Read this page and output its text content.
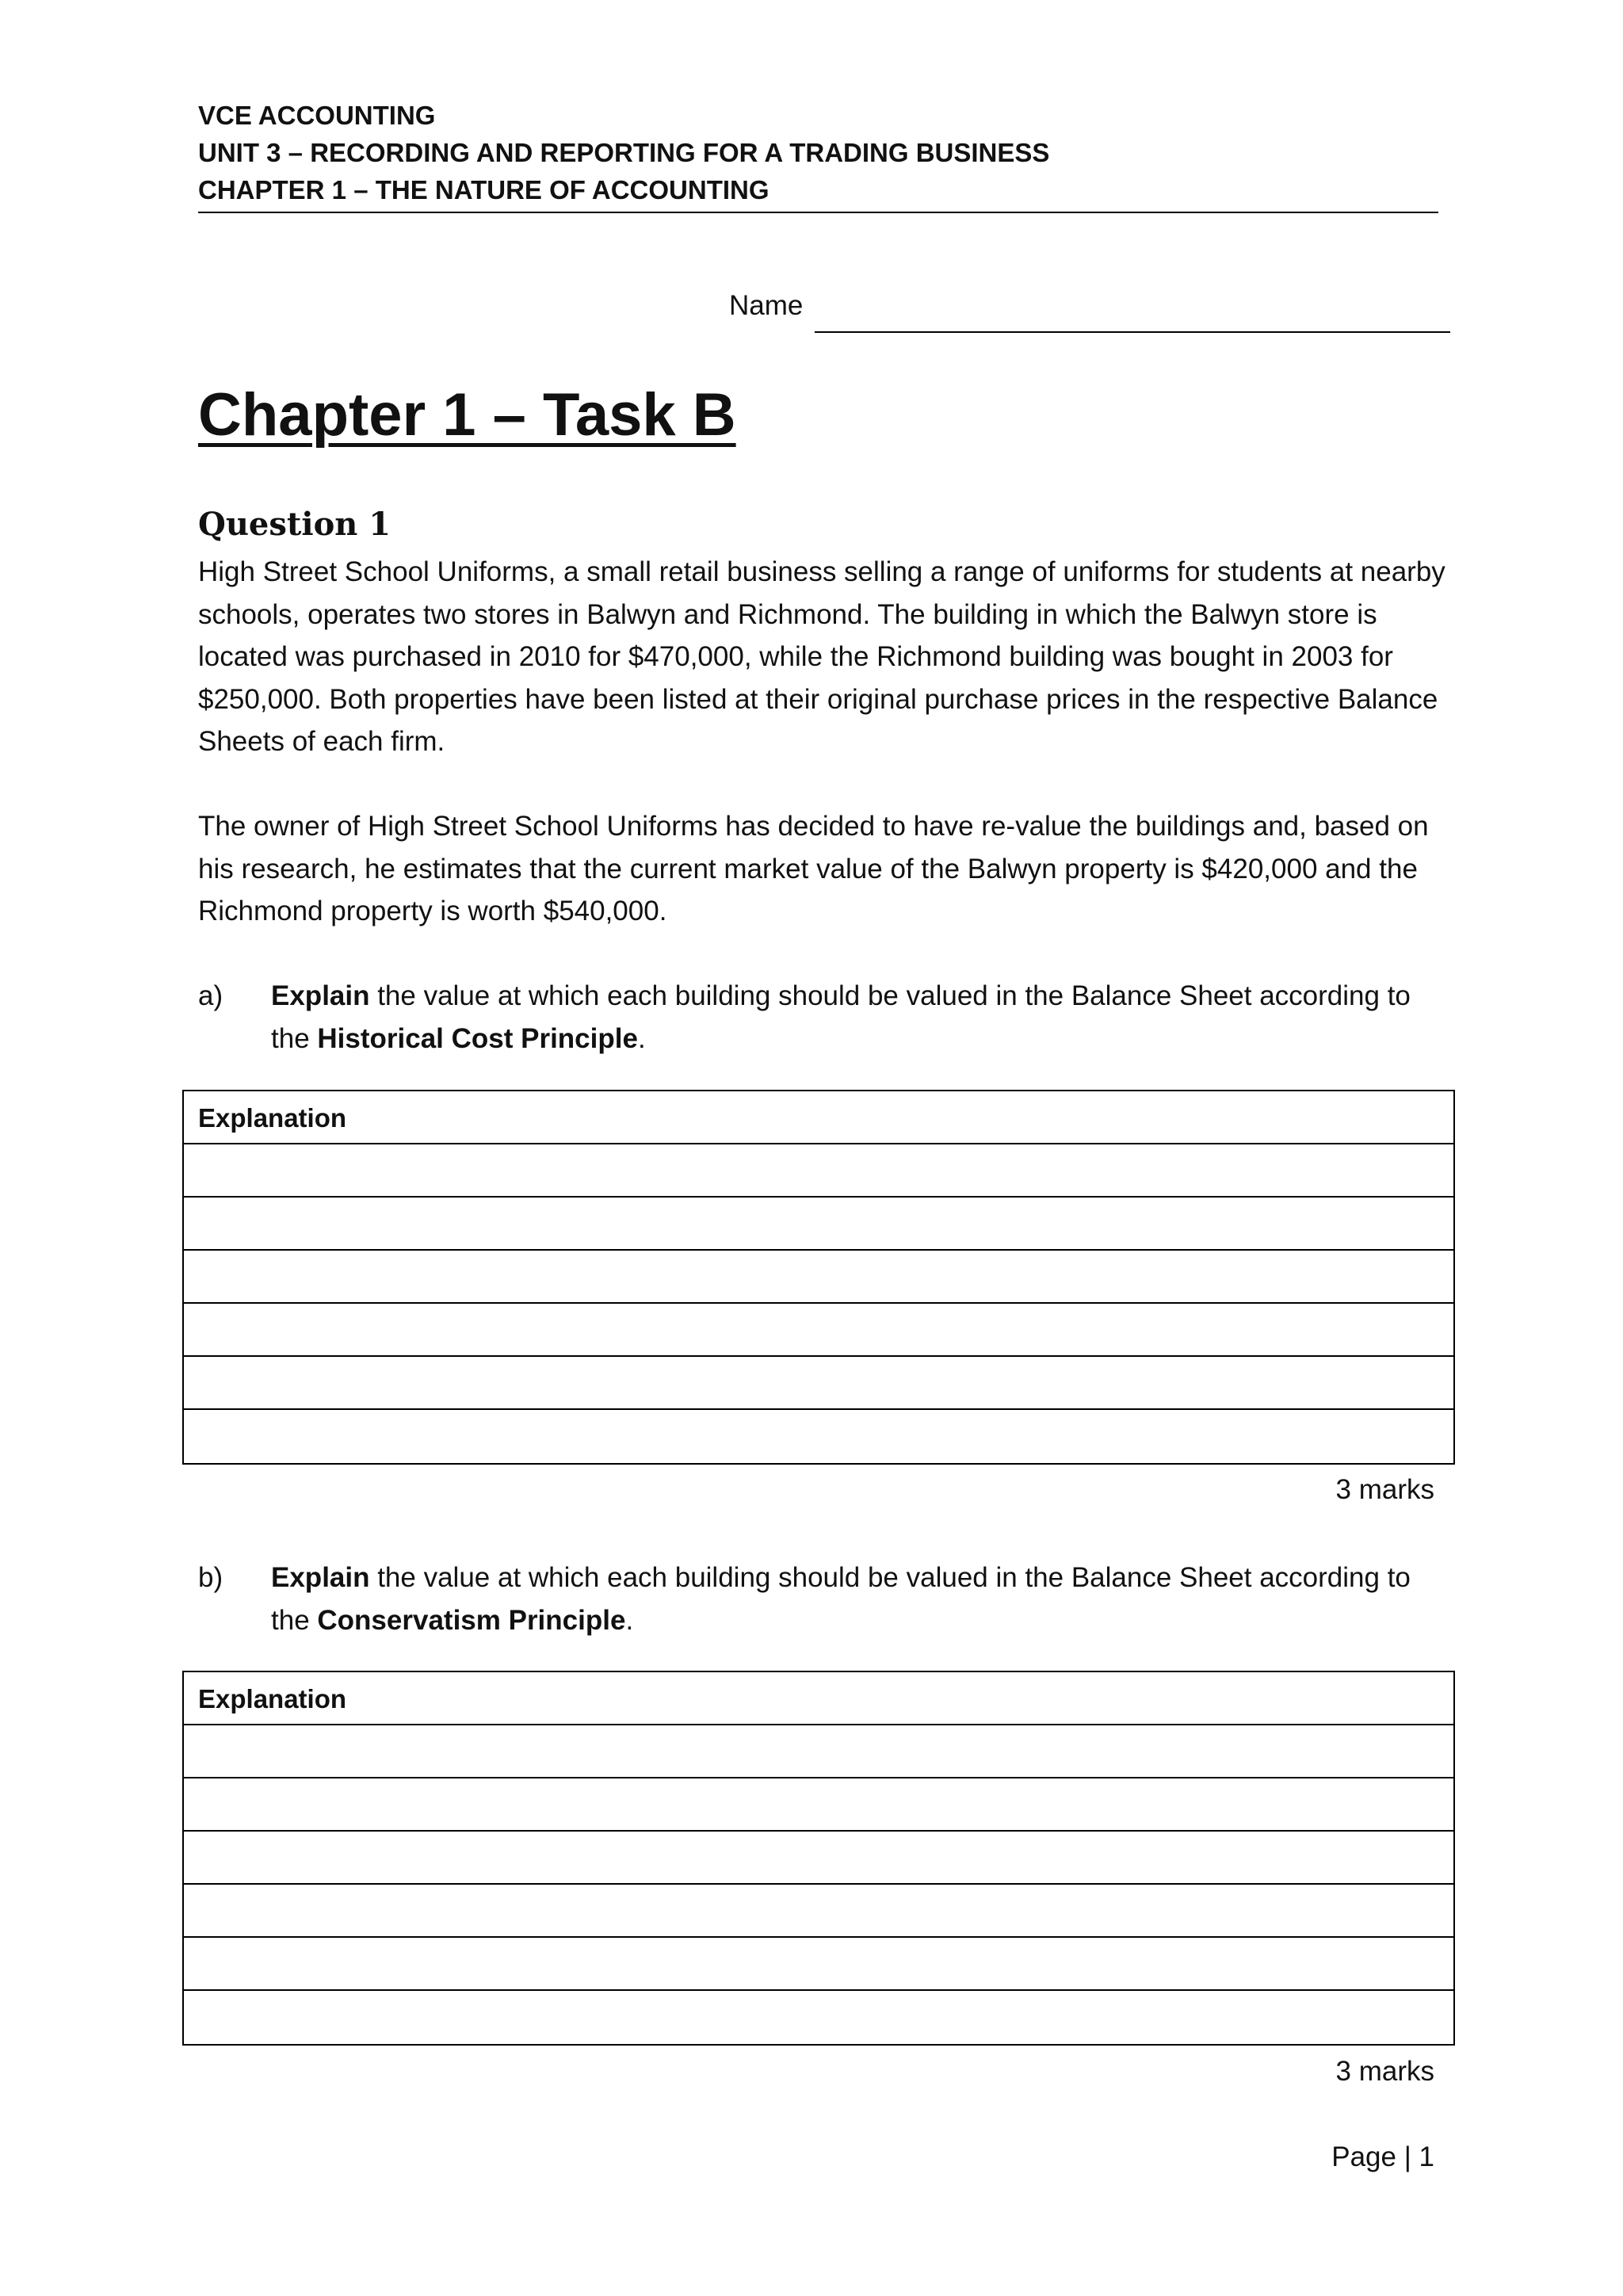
VCE ACCOUNTING
UNIT 3 – RECORDING AND REPORTING FOR A TRADING BUSINESS
CHAPTER 1 – THE NATURE OF ACCOUNTING
Name
Chapter 1 – Task B
Question 1
High Street School Uniforms, a small retail business selling a range of uniforms for students at nearby schools, operates two stores in Balwyn and Richmond. The building in which the Balwyn store is located was purchased in 2010 for $470,000, while the Richmond building was bought in 2003 for $250,000. Both properties have been listed at their original purchase prices in the respective Balance Sheets of each firm.
The owner of High Street School Uniforms has decided to have re-value the buildings and, based on his research, he estimates that the current market value of the Balwyn property is $420,000 and the Richmond property is worth $540,000.
a) Explain the value at which each building should be valued in the Balance Sheet according to the Historical Cost Principle.
Explanation
3 marks
b) Explain the value at which each building should be valued in the Balance Sheet according to the Conservatism Principle.
Explanation
3 marks
Page | 1
